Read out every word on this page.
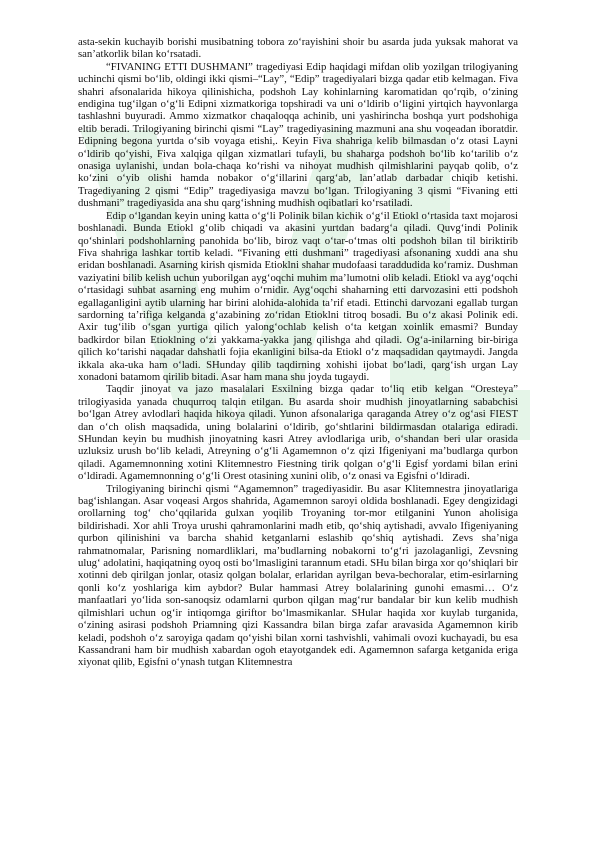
asta-sekin kuchayib borishi musibatning tobora zo‘rayishini shoir bu asarda juda yuksak mahorat va san’atkorlik bilan ko‘rsatadi.

“FIVANING ETTI DUSHMANI” tragediyasi Edip haqidagi mifdan olib yozilgan trilogiyaning uchinchi qismi bo‘lib, oldingi ikki qismi–“Lay”, “Edip” tragediyalari bizga qadar etib kelmagan. Fiva shahri afsonalarida hikoya qilinishicha, podshoh Lay kohinlarning karomatidan qo‘rqib, o‘zining endigina tug‘ilgan o‘g‘li Edipni xizmatkoriga topshiradi va uni o‘ldirib o‘ligini yirtqich hayvonlarga tashlashni buyuradi. Ammo xizmatkor chaqaloqqa achinib, uni yashirincha boshqa yurt podshohiga eltib beradi. Trilogiyaning birinchi qismi “Lay” tragediyasining mazmuni ana shu voqeadan iboratdir. Edipning begona yurtda o‘sib voyaga etishi,. Keyin Fiva shahriga kelib bilmasdan o‘z otasi Layni o‘ldirib qo‘yishi, Fiva xalqiga qilgan xizmatlari tufayli, bu shaharga podshoh bo‘lib ko‘tarilib o‘z onasiga uylanishi, undan bola-chaqa ko‘rishi va nihoyat mudhish qilmishlarini payqab qolib, o‘z ko‘zini o‘yib olishi hamda nobakor o‘g‘illarini qarg‘ab, lan’atlab darbadar chiqib ketishi. Tragediyaning 2 qismi “Edip” tragediyasiga mavzu bo‘lgan. Trilogiyaning 3 qismi “Fivaning etti dushmani” tragediyasida ana shu qarg‘ishning mudhish oqibatlari ko‘rsatiladi.

Edip o‘lgandan keyin uning katta o‘g‘li Polinik bilan kichik o‘g‘il Etiokl o‘rtasida taxt mojarosi boshlanadi. Bunda Etiokl g‘olib chiqadi va akasini yurtdan badarg‘a qiladi. Quvg‘indi Polinik qo‘shinlari podshohlarning panohida bo‘lib, biroz vaqt o‘tar-o‘tmas olti podshoh bilan til biriktirib Fiva shahriga lashkar tortib keladi. “Fivaning etti dushmani” tragediyasi afsonaning xuddi ana shu eridan boshlanadi. Asarning kirish qismida Etioklni shahar mudofaasi taraddudida ko‘ramiz. Dushman vaziyatini bilib kelish uchun yuborilgan ayg‘oqchi muhim ma’lumotni olib keladi. Etiokl va ayg‘oqchi o‘rtasidagi suhbat asarning eng muhim o‘rnidir. Ayg‘oqchi shaharning etti darvozasini etti podshoh egallaganligini aytib ularning har birini alohida-alohida ta’rif etadi. Ettinchi darvozani egallab turgan sardorning ta’rifiga kelganda g‘azabining zo‘ridan Etioklni titroq bosadi. Bu o‘z akasi Polinik edi. Axir tug‘ilib o‘sgan yurtiga qilich yalong‘ochlab kelish o‘ta ketgan xoinlik emasmi? Bunday badkirdor bilan Etioklning o‘zi yakkama-yakka jang qilishga ahd qiladi. Og‘a-inilarning bir-biriga qilich ko‘tarishi naqadar dahshatli fojia ekanligini bilsa-da Etiokl o‘z maqsadidan qaytmaydi. Jangda ikkala aka-uka ham o‘ladi. SHunday qilib taqdirning xohishi ijobat bo‘ladi, qarg‘ish urgan Lay xonadoni batamom qirilib bitadi. Asar ham mana shu joyda tugaydi.

Taqdir jinoyat va jazo masalalari Esxilning bizga qadar to‘liq etib kelgan “Oresteya” trilogiyasida yanada chuqurroq talqin etilgan. Bu asarda shoir mudhish jinoyatlarning sababchisi bo‘lgan Atrey avlodlari haqida hikoya qiladi. Yunon afsonalariga qaraganda Atrey o‘z og‘asi FIEST dan o‘ch olish maqsadida, uning bolalarini o‘ldirib, go‘shtlarini bildirmasdan otalariga ediradi. SHundan keyin bu mudhish jinoyatning kasri Atrey avlodlariga urib, o‘shandan beri ular orasida uzluksiz urush bo‘lib keladi, Atreyning o‘g‘li Agamemnon o‘z qizi Ifigeniyani ma’budlarga qurbon qiladi. Agamemnonning xotini Klitemnestro Fiestning tirik qolgan o‘g‘li Egisf yordami bilan erini o‘ldiradi. Agamemnonning o‘g‘li Orest otasining xunini olib, o‘z onasi va Egisfni o‘ldiradi.

Trilogiyaning birinchi qismi “Agamemnon” tragediyasidir. Bu asar Klitemnestra jinoyatlariga bag‘ishlangan. Asar voqeasi Argos shahrida, Agamemnon saroyi oldida boshlanadi. Egey dengizidagi orollarning tog‘ cho‘qqilarida gulxan yoqilib Troyaning tor-mor etilganini Yunon aholisiga bildirishadi. Xor ahli Troya urushi qahramonlarini madh etib, qo‘shiq aytishadi, avvalo Ifigeniyaning qurbon qilinishini va barcha shahid ketganlarni eslashib qo‘shiq aytishadi. Zevs sha’niga rahmatnomalar, Parisning nomardliklari, ma’budlarning nobakorni to‘g‘ri jazolaganligi, Zevsning ulug‘ adolatini, haqiqatning oyoq osti bo‘lmasligini tarannum etadi. SHu bilan birga xor qo‘shiqlari bir xotinni deb qirilgan jonlar, otasiz qolgan bolalar, erlaridan ayrilgan beva-bechoralar, etim-esirlarning qonli ko‘z yoshlariga kim aybdor? Bular hammasi Atrey bolalarining gunohi emasmi… O‘z manfaatlari yo‘lida son-sanoqsiz odamlarni qurbon qilgan mag‘rur bandalar bir kun kelib mudhish qilmishlari uchun og‘ir intiqomga giriftor bo‘lmasmikanlar. SHular haqida xor kuylab turganida, o‘zining asirasi podshoh Priamning qizi Kassandra bilan birga zafar aravasida Agamemnon kirib keladi, podshoh o‘z saroyiga qadam qo‘yishi bilan xorni tashvishli, vahimali ovozi kuchayadi, bu esa Kassandrani ham bir mudhish xabardan ogoh etayotgandek edi. Agamemnon safarga ketganida eriga xiyonat qilib, Egisfni o‘ynash tutgan Klitemnestra
